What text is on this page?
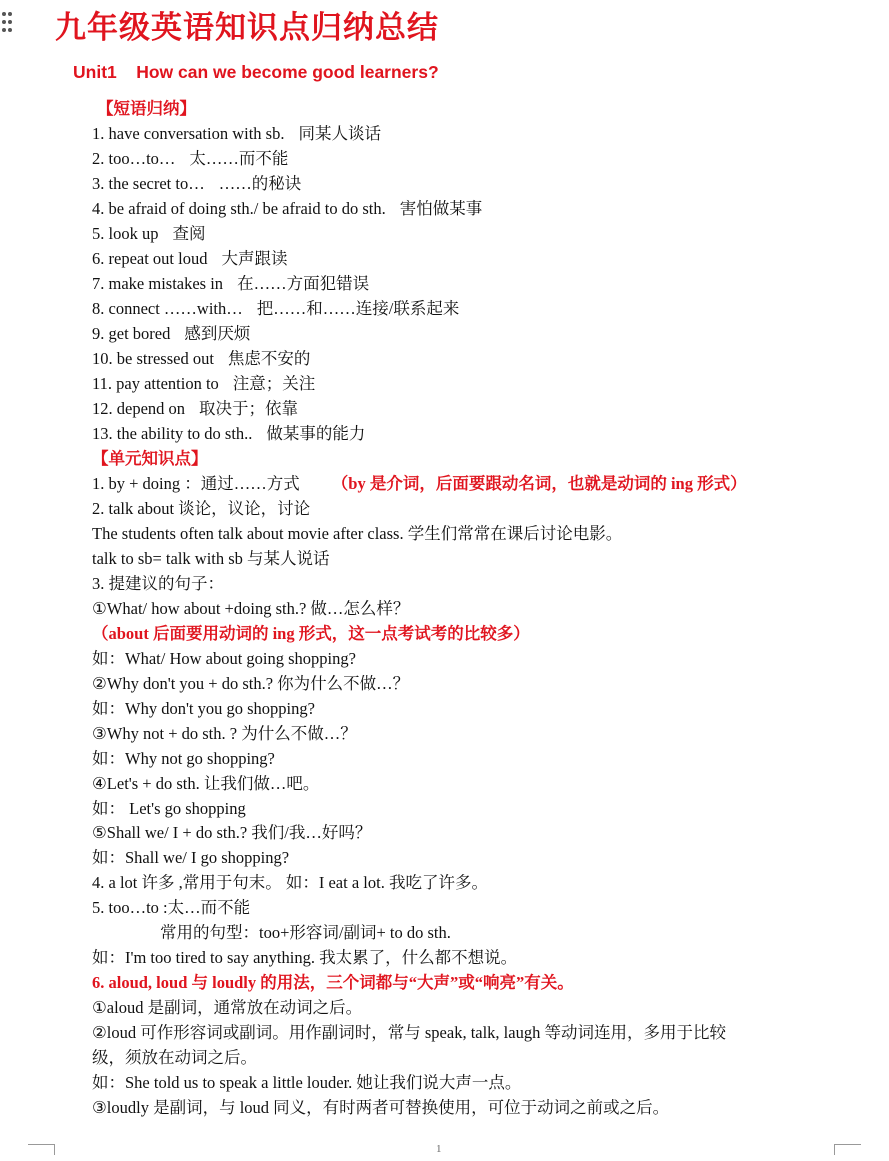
九年级英语知识点归纳总结
Unit1    How can we become good learners?
【短语归纳】
1. have conversation with sb. 同某人谈话
2. too…to… 太……而不能
3. the secret to… ……的秘诀
4. be afraid of doing sth./ be afraid to do sth. 害怕做某事
5. look up 查阅
6. repeat out loud 大声跟读
7. make mistakes in 在……方面犯错误
8. connect ……with… 把……和……连接/联系起来
9. get bored 感到厌烦
10. be stressed out 焦虑不安的
11. pay attention to 注意；关注
12. depend on 取决于；依靠
13. the ability to do sth.. 做某事的能力
【单元知识点】
1. by + doing ：通过……方式 （by 是介词，后面要跟动名词，也就是动词的 ing 形式）
2. talk about 谈论，议论，讨论
The students often talk about movie after class. 学生们常常在课后讨论电影。
talk to sb= talk with sb 与某人说话
3. 提建议的句子：
①What/ how about +doing sth.? 做…怎么样？
（about 后面要用动词的 ing 形式，这一点考试考的比较多）
如：What/ How about going shopping?
②Why don't you + do sth.? 你为什么不做…？
如：Why don't you go shopping?
③Why not + do sth. ? 为什么不做…？
如：Why not go shopping?
④Let's + do sth. 让我们做…吧。
如： Let's go shopping
⑤Shall we/ I + do sth.? 我们/我…好吗？
如：Shall we/ I go shopping?
4. a lot 许多 ,常用于句末。 如：I eat a lot. 我吃了许多。
5. too…to :太…而不能
常用的句型：too+形容词/副词+ to do sth.
如：I'm too tired to say anything. 我太累了，什么都不想说。
6. aloud, loud 与 loudly 的用法，三个词都与“大声”或“响亮”有关。
①aloud 是副词，通常放在动词之后。
②loud 可作形容词或副词。用作副词时，常与 speak, talk, laugh 等动词连用，多用于比较
级，须放在动词之后。
如：She told us to speak a little louder. 她让我们说大声一点。
③loudly 是副词，与 loud 同义，有时两者可替换使用，可位于动词之前或之后。
1
